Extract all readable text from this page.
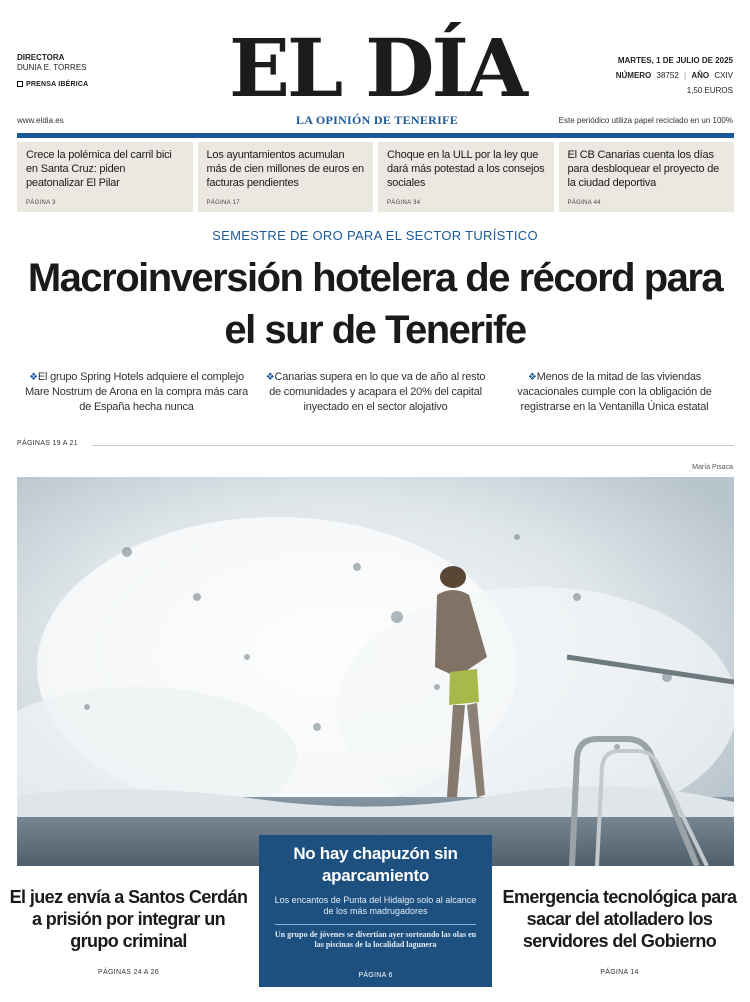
DIRECTORA
DUNIA E. TORRES
PRENSA IBÉRICA EL DÍA
LA OPINIÓN DE TENERIFE
MARTES, 1 DE JULIO DE 2025
NÚMERO 38752 | AÑO CXIV
1,50 EUROS
www.eldia.es	Este periódico utiliza papel reciclado en un 100%
Crece la polémica del carril bici en Santa Cruz: piden peatonalizar El Pilar
PÁGINA 3
Los ayuntamientos acumulan más de cien millones de euros en facturas pendientes
PÁGINA 17
Choque en la ULL por la ley que dará más potestad a los consejos sociales
PÁGINA 34
El CB Canarias cuenta los días para desbloquear el proyecto de la ciudad deportiva
PÁGINA 44
SEMESTRE DE ORO PARA EL SECTOR TURÍSTICO
Macroinversión hotelera de récord para el sur de Tenerife
❖El grupo Spring Hotels adquiere el complejo Mare Nostrum de Arona en la compra más cara de España hecha nunca
❖Canarias supera en lo que va de año al resto de comunidades y acapara el 20% del capital inyectado en el sector alojativo
❖Menos de la mitad de las viviendas vacacionales cumple con la obligación de registrarse en la Ventanilla Única estatal
PÁGINAS 19 A 21
María Pisaca
No hay chapuzón sin aparcamiento
Los encantos de Punta del Hidalgo solo al alcance de los más madrugadores
Un grupo de jóvenes se divertían ayer sorteando las olas en las piscinas de la localidad lagunera
PÁGINA 6
El juez envía a Santos Cerdán a prisión por integrar un grupo criminal
PÁGINAS 24 A 26
Emergencia tecnológica para sacar del atolladero los servidores del Gobierno
PÁGINA 14
